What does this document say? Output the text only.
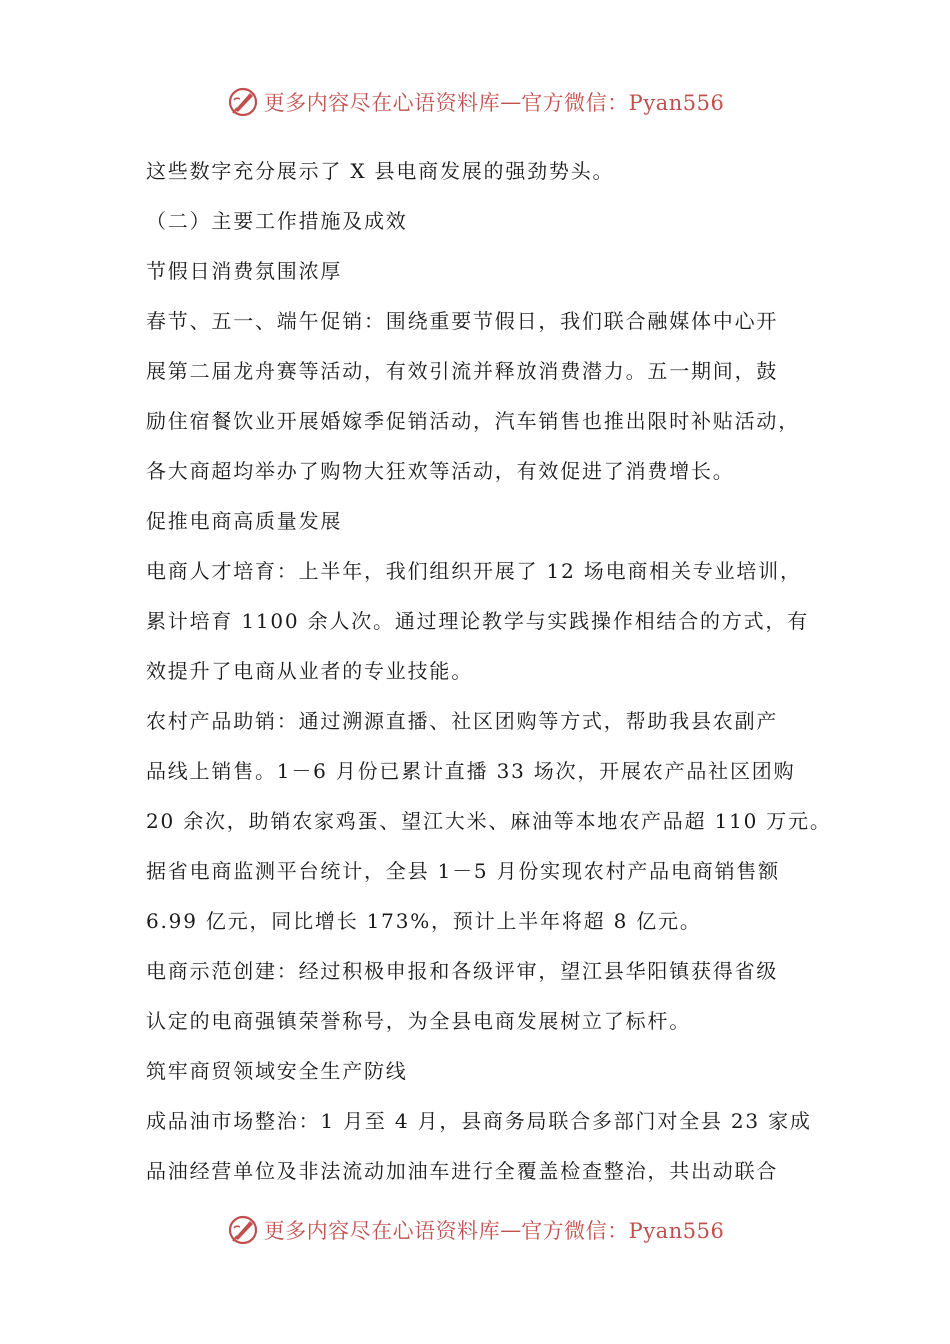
更多内容尽在心语资料库 — 官方微信：Pyan556
这些数字充分展示了 X 县电商发展的强劲势头。
（二）主要工作措施及成效
节假日消费氛围浓厚
春节、五一、端午促销：围绕重要节假日，我们联合融媒体中心开
展第二届龙舟赛等活动，有效引流并释放消费潜力。五一期间，鼓
励住宿餐饮业开展婚嫁季促销活动，汽车销售也推出限时补贴活动，
各大商超均举办了购物大狂欢等活动，有效促进了消费增长。
促推电商高质量发展
电商人才培育：上半年，我们组织开展了 12 场电商相关专业培训，
累计培育 1100 余人次。通过理论教学与实践操作相结合的方式，有
效提升了电商从业者的专业技能。
农村产品助销：通过溯源直播、社区团购等方式，帮助我县农副产
品线上销售。1－6 月份已累计直播 33 场次，开展农产品社区团购
20 余次，助销农家鸡蛋、望江大米、麻油等本地农产品超 110 万元。
据省电商监测平台统计，全县 1－5 月份实现农村产品电商销售额
6.99 亿元，同比增长 173%，预计上半年将超 8 亿元。
电商示范创建：经过积极申报和各级评审，望江县华阳镇获得省级
认定的电商强镇荣誉称号，为全县电商发展树立了标杆。
筑牢商贸领域安全生产防线
成品油市场整治：1 月至 4 月，县商务局联合多部门对全县 23 家成
品油经营单位及非法流动加油车进行全覆盖检查整治，共出动联合
更多内容尽在心语资料库 — 官方微信：Pyan556
